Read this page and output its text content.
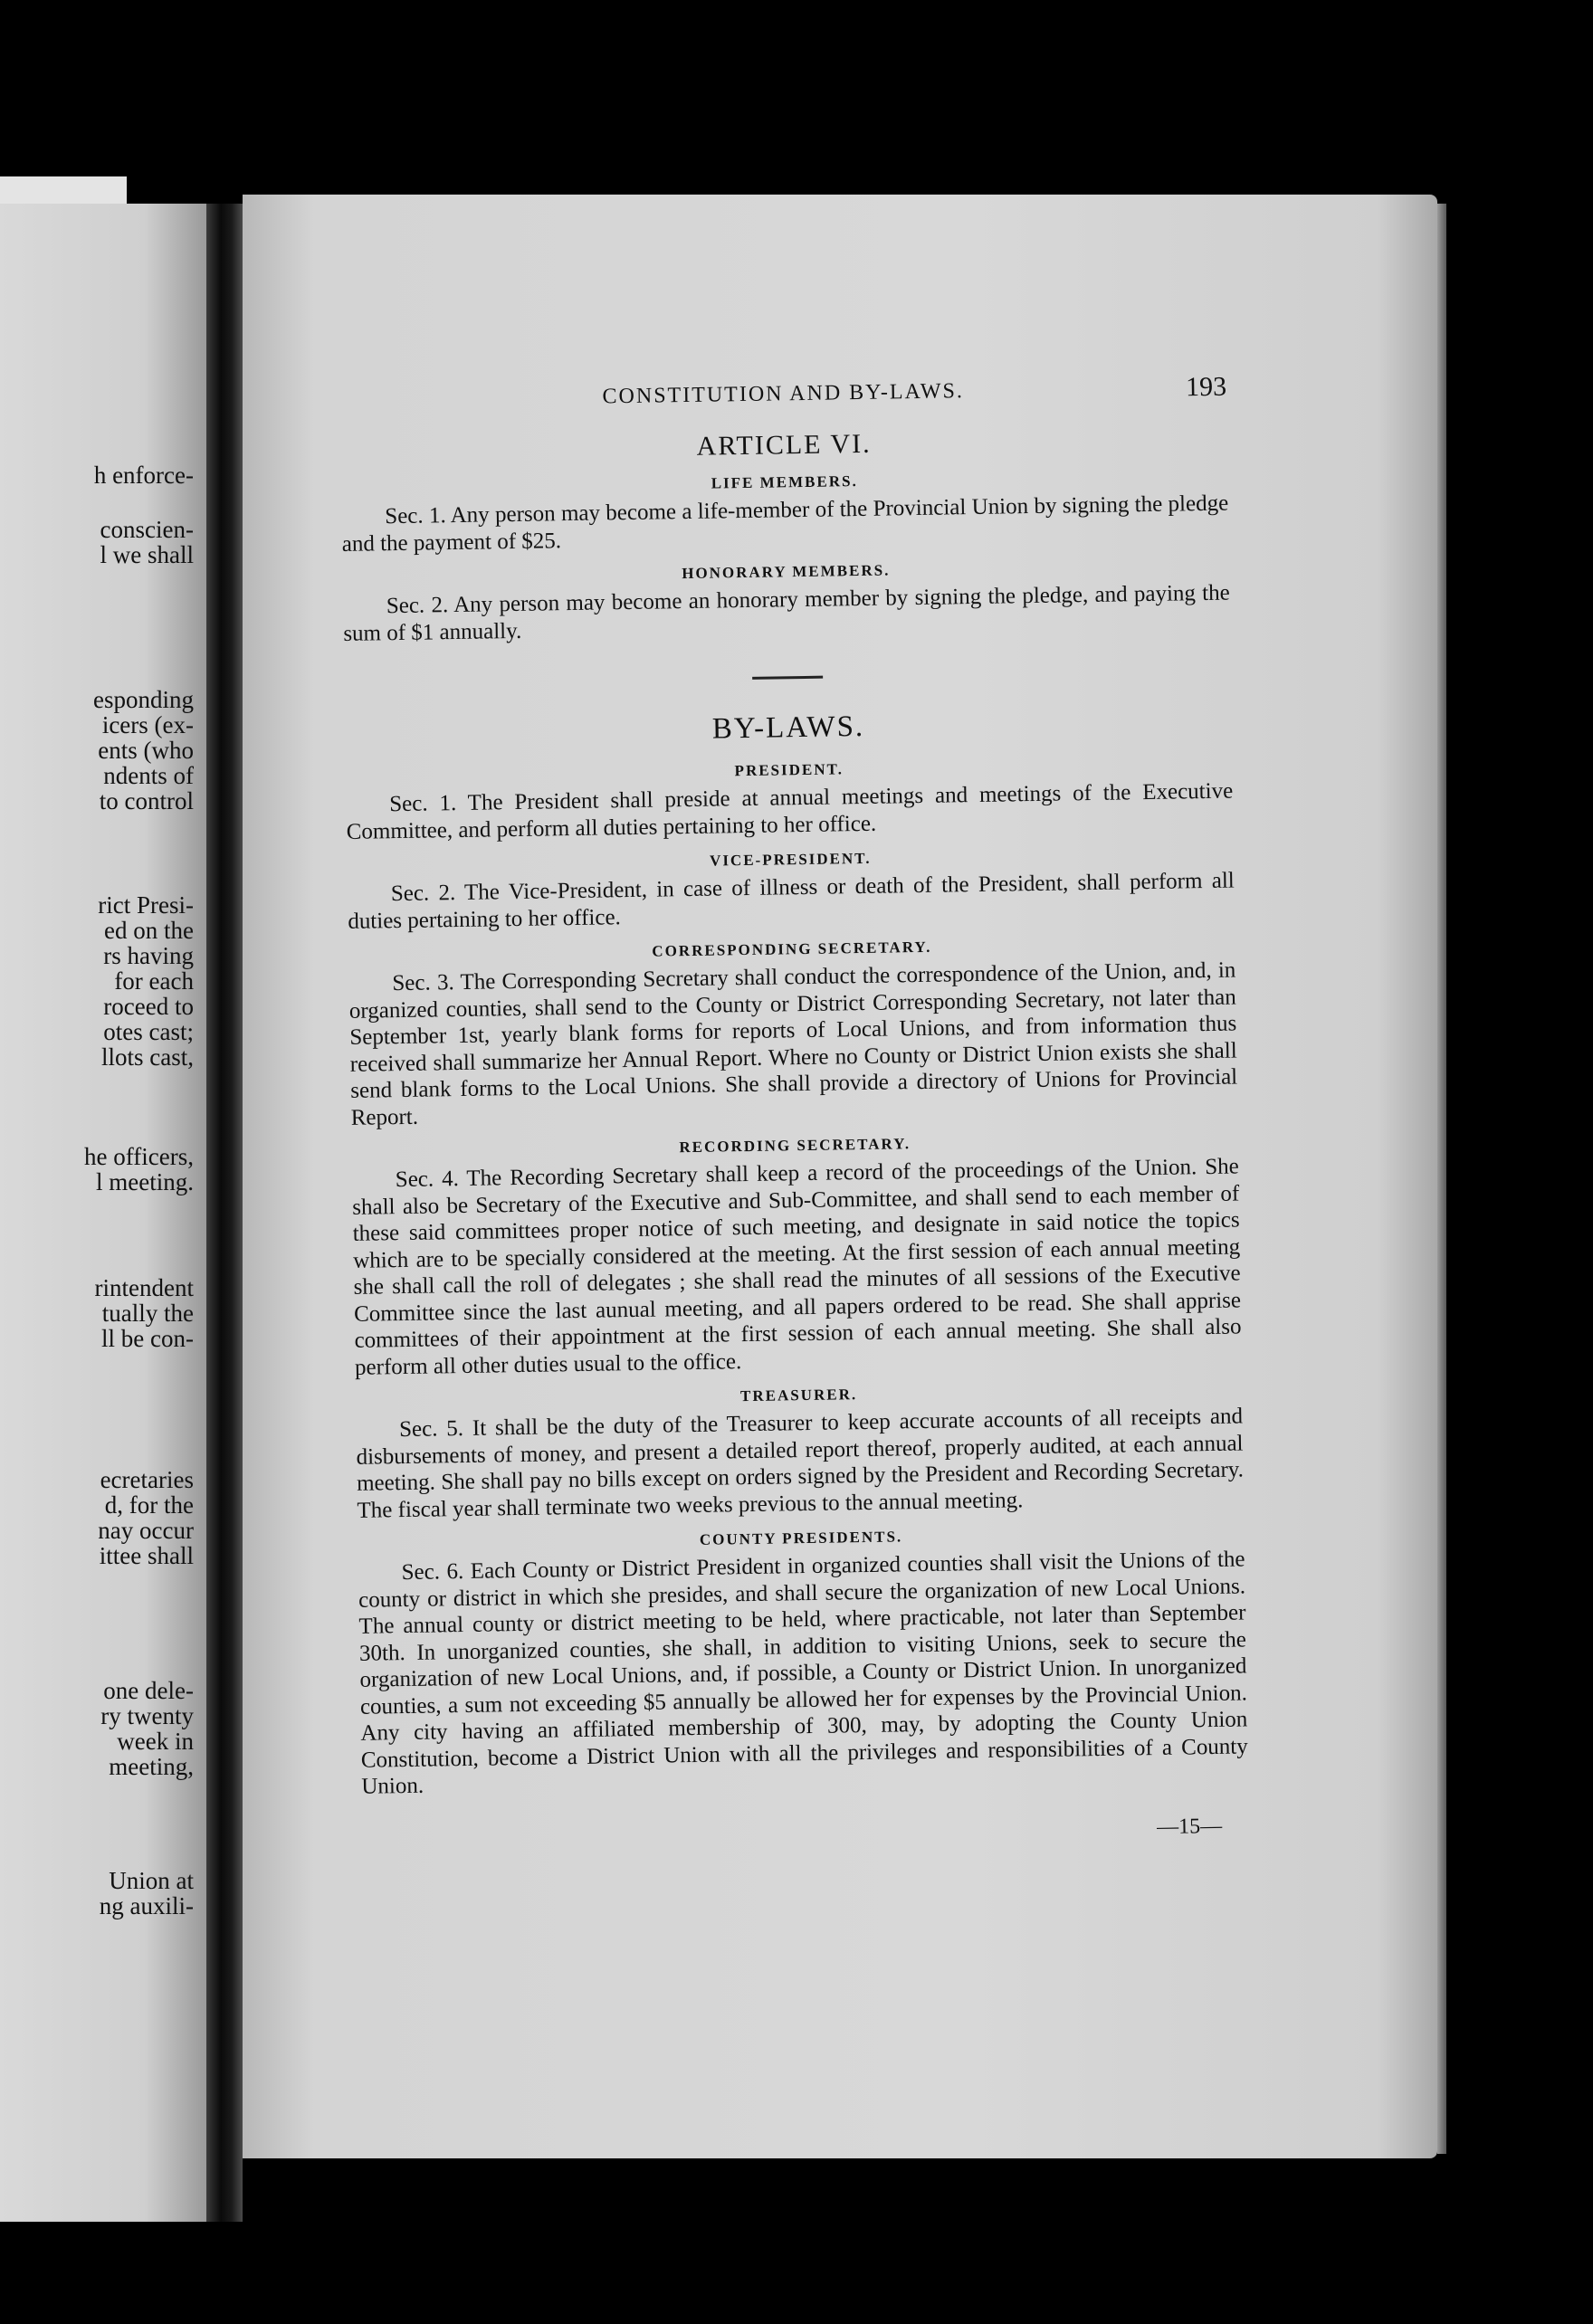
h enforce-
conscien-
l we shall
esponding
icers (ex-
ents (who
ndents of
to control
rict Presi-
ed on the
rs having
for each
roceed to
otes cast;
llots cast,
he officers,
l meeting.
rintendent
tually the
ll be con-
ecretaries
d, for the
nay occur
ittee shall
one dele-
ry twenty
week in
meeting,
Union at
ng auxili-
CONSTITUTION AND BY-LAWS.	193
ARTICLE VI.
LIFE MEMBERS.

Sec. 1. Any person may become a life-member of the Provincial Union by signing the pledge and the payment of $25.

HONORARY MEMBERS.

Sec. 2. Any person may become an honorary member by signing the pledge, and paying the sum of $1 annually.

BY-LAWS.
PRESIDENT.

Sec. 1. The President shall preside at annual meetings and meetings of the Executive Committee, and perform all duties pertaining to her office.

VICE-PRESIDENT.

Sec. 2. The Vice-President, in case of illness or death of the President, shall perform all duties pertaining to her office.

CORRESPONDING SECRETARY.

Sec. 3. The Corresponding Secretary shall conduct the correspondence of the Union, and, in organized counties, shall send to the County or District Corresponding Secretary, not later than September 1st, yearly blank forms for reports of Local Unions, and from information thus received shall summarize her Annual Report. Where no County or District Union exists she shall send blank forms to the Local Unions. She shall provide a directory of Unions for Provincial Report.

RECORDING SECRETARY.

Sec. 4. The Recording Secretary shall keep a record of the proceedings of the Union. She shall also be Secretary of the Executive and Sub-Committee, and shall send to each member of these said committees proper notice of such meeting, and designate in said notice the topics which are to be specially considered at the meeting. At the first session of each annual meeting she shall call the roll of delegates ; she shall read the minutes of all sessions of the Executive Committee since the last aunual meeting, and all papers ordered to be read. She shall apprise committees of their appointment at the first session of each annual meeting. She shall also perform all other duties usual to the office.

TREASURER.

Sec. 5. It shall be the duty of the Treasurer to keep accurate accounts of all receipts and disbursements of money, and present a detailed report thereof, properly audited, at each annual meeting. She shall pay no bills except on orders signed by the President and Recording Secretary. The fiscal year shall terminate two weeks previous to the annual meeting.

COUNTY PRESIDENTS.

Sec. 6. Each County or District President in organized counties shall visit the Unions of the county or district in which she presides, and shall secure the organization of new Local Unions. The annual county or district meeting to be held, where practicable, not later than September 30th. In unorganized counties, she shall, in addition to visiting Unions, seek to secure the organization of new Local Unions, and, if possible, a County or District Union. In unorganized counties, a sum not exceeding $5 annually be allowed her for expenses by the Provincial Union. Any city having an affiliated membership of 300, may, by adopting the County Union Constitution, become a District Union with all the privileges and responsibilities of a County Union.

—15—
